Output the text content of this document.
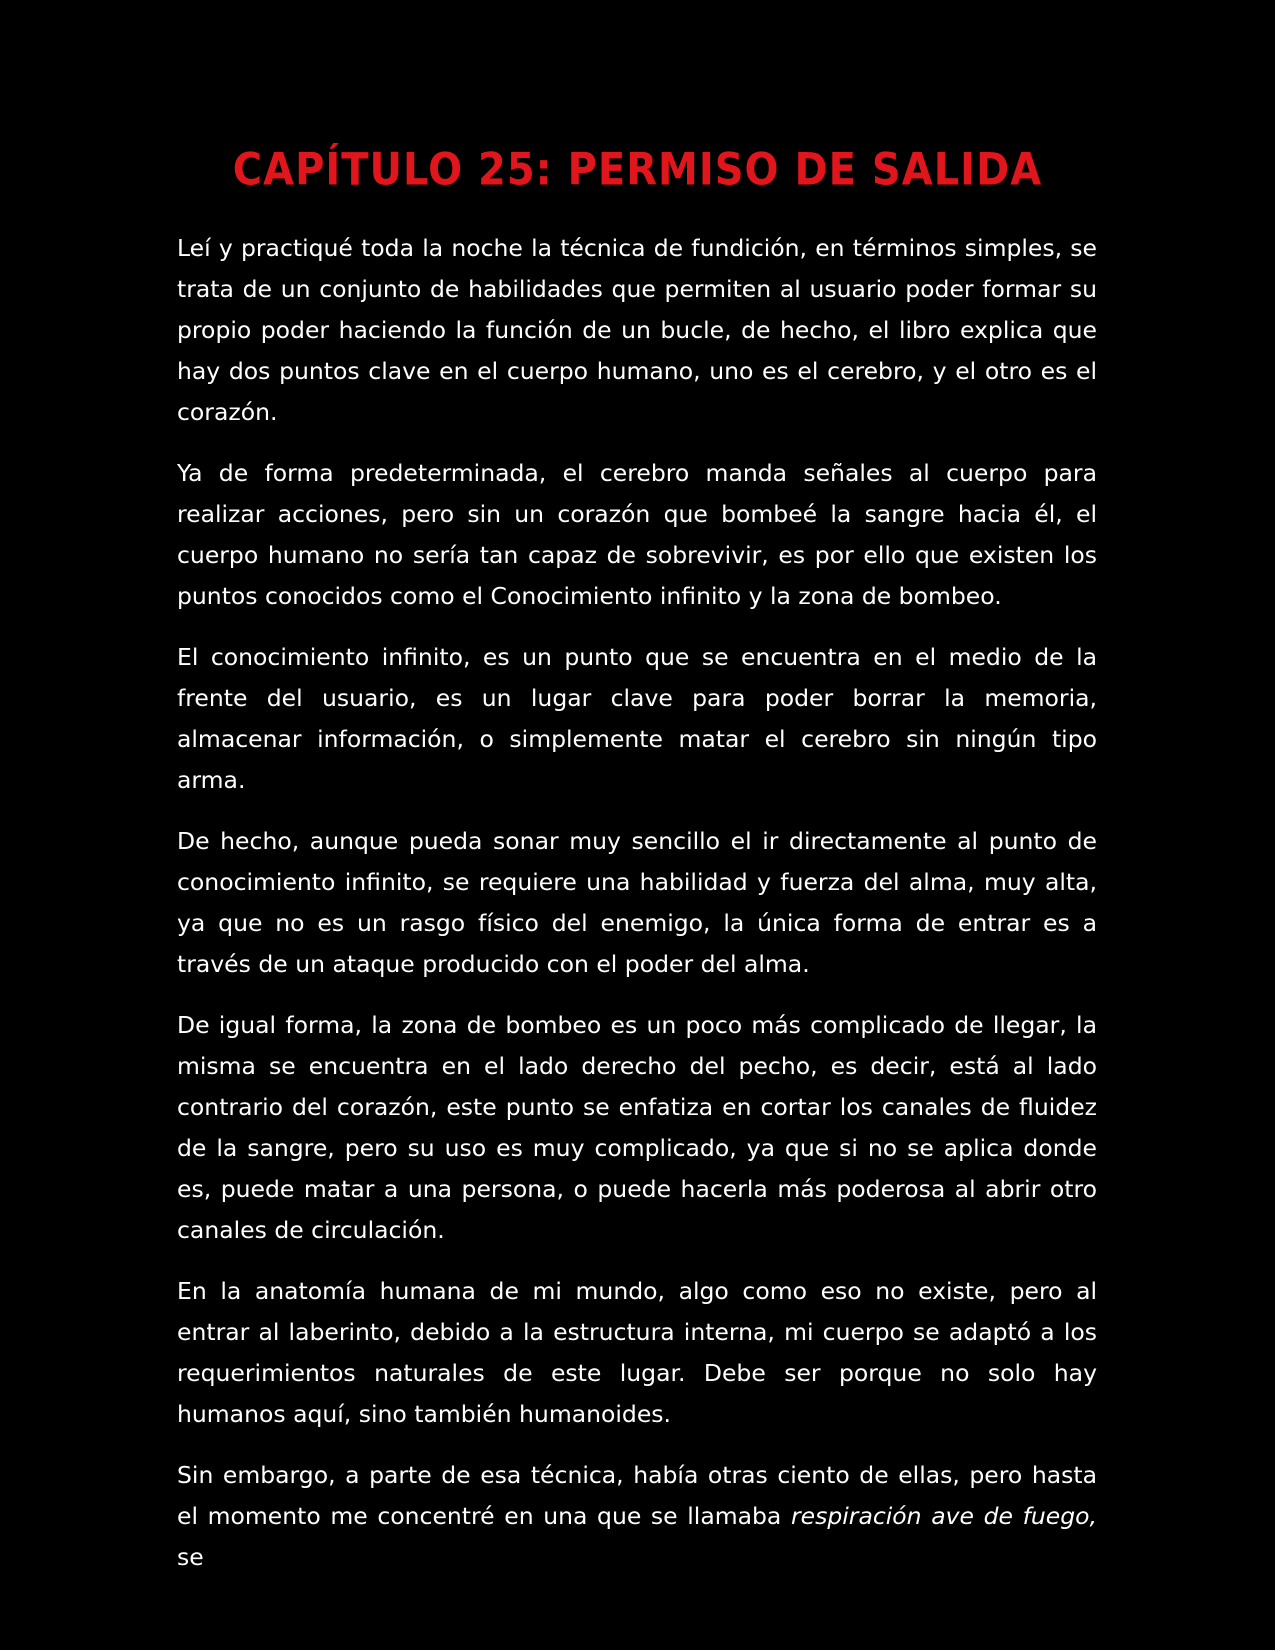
CAPÍTULO 25: PERMISO DE SALIDA

Leí y practiqué toda la noche la técnica de fundición, en términos simples, se trata de un conjunto de habilidades que permiten al usuario poder formar su propio poder haciendo la función de un bucle, de hecho, el libro explica que hay dos puntos clave en el cuerpo humano, uno es el cerebro, y el otro es el corazón.

Ya de forma predeterminada, el cerebro manda señales al cuerpo para realizar acciones, pero sin un corazón que bombeé la sangre hacia él, el cuerpo humano no sería tan capaz de sobrevivir, es por ello que existen los puntos conocidos como el Conocimiento infinito y la zona de bombeo.

El conocimiento infinito, es un punto que se encuentra en el medio de la frente del usuario, es un lugar clave para poder borrar la memoria, almacenar información, o simplemente matar el cerebro sin ningún tipo arma.

De hecho, aunque pueda sonar muy sencillo el ir directamente al punto de conocimiento infinito, se requiere una habilidad y fuerza del alma, muy alta, ya que no es un rasgo físico del enemigo, la única forma de entrar es a través de un ataque producido con el poder del alma.

De igual forma, la zona de bombeo es un poco más complicado de llegar, la misma se encuentra en el lado derecho del pecho, es decir, está al lado contrario del corazón, este punto se enfatiza en cortar los canales de fluidez de la sangre, pero su uso es muy complicado, ya que si no se aplica donde es, puede matar a una persona, o puede hacerla más poderosa al abrir otro canales de circulación.

En la anatomía humana de mi mundo, algo como eso no existe, pero al entrar al laberinto, debido a la estructura interna, mi cuerpo se adaptó a los requerimientos naturales de este lugar. Debe ser porque no solo hay humanos aquí, sino también humanoides.

Sin embargo, a parte de esa técnica, había otras ciento de ellas, pero hasta el momento me concentré en una que se llamaba respiración ave de fuego, se
